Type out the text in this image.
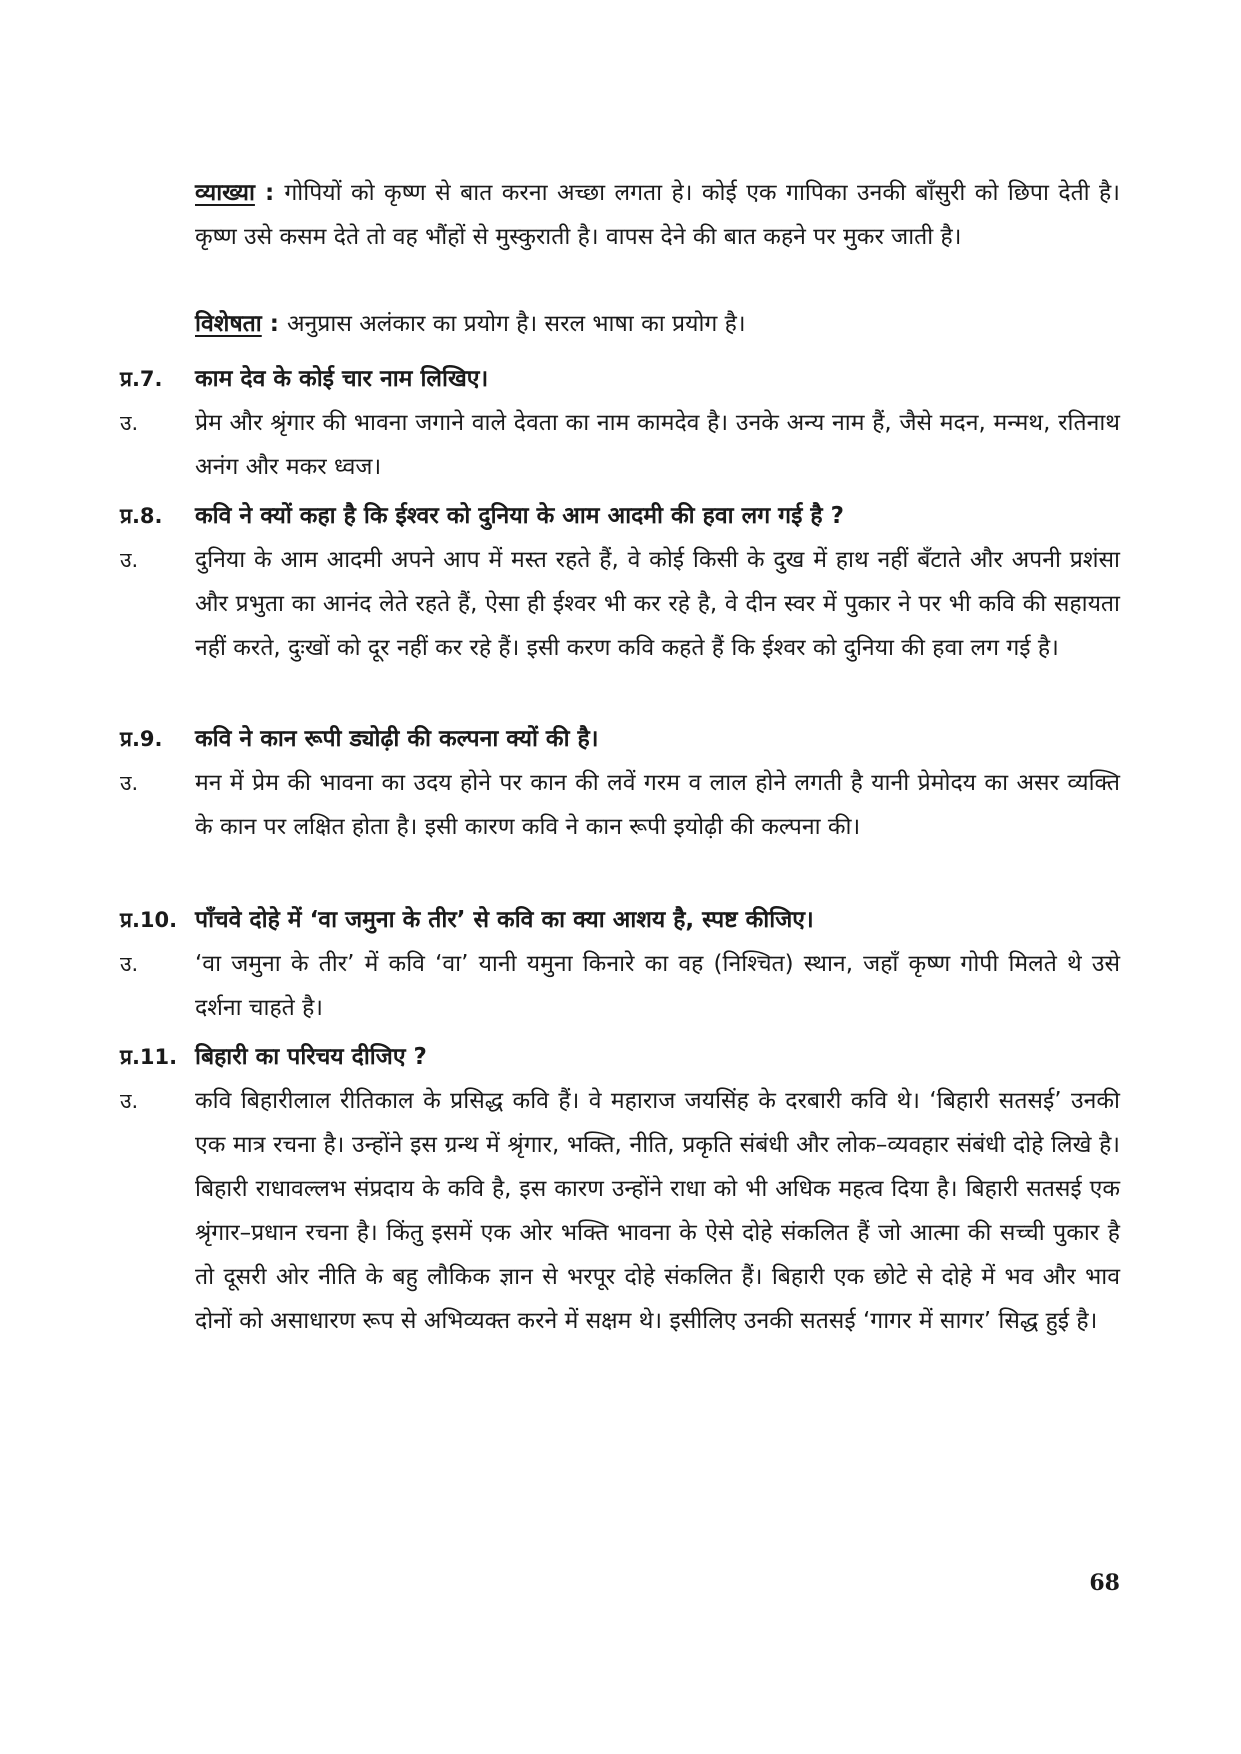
व्याख्या : गोपियों को कृष्ण से बात करना अच्छा लगता हे। कोई एक गापिका उनकी बाँसुरी को छिपा देती है। कृष्ण उसे कसम देते तो वह भौंहों से मुस्कुराती है। वापस देने की बात कहने पर मुकर जाती है।

विशेषता : अनुप्रास अलंकार का प्रयोग है। सरल भाषा का प्रयोग है।

प्र.7.	काम देव के कोई चार नाम लिखिए।
उ.	प्रेम और श्रृंगार की भावना जगाने वाले देवता का नाम कामदेव है। उनके अन्य नाम हैं, जैसे मदन, मन्मथ, रतिनाथ अनंग और मकर ध्वज।
प्र.8.	कवि ने क्यों कहा है कि ईश्वर को दुनिया के आम आदमी की हवा लग गई है ?
उ.	दुनिया के आम आदमी अपने आप में मस्त रहते हैं, वे कोई किसी के दुख में हाथ नहीं बँटाते और अपनी प्रशंसा और प्रभुता का आनंद लेते रहते हैं, ऐसा ही ईश्वर भी कर रहे है, वे दीन स्वर में पुकार ने पर भी कवि की सहायता नहीं करते, दुःखों को दूर नहीं कर रहे हैं। इसी करण कवि कहते हैं कि ईश्वर को दुनिया की हवा लग गई है।
प्र.9.	कवि ने कान रूपी ड्योढ़ी की कल्पना क्यों की है।
उ.	मन में प्रेम की भावना का उदय होने पर कान की लवें गरम व लाल होने लगती है यानी प्रेमोदय का असर व्यक्ति के कान पर लक्षित होता है। इसी कारण कवि ने कान रूपी इयोढ़ी की कल्पना की।
प्र.10. पाँचवे दोहे में ‘वा जमुना के तीर’ से कवि का क्या आशय है, स्पष्ट कीजिए।
उ.	‘वा जमुना के तीर’ में कवि ‘वा’ यानी यमुना किनारे का वह (निश्चित) स्थान, जहाँ कृष्ण गोपी मिलते थे उसे दर्शना चाहते है।
प्र.11. बिहारी का परिचय दीजिए ?
उ.	कवि बिहारीलाल रीतिकाल के प्रसिद्ध कवि हैं। वे महाराज जयसिंह के दरबारी कवि थे। ‘बिहारी सतसई’ उनकी एक मात्र रचना है। उन्होंने इस ग्रन्थ में श्रृंगार, भक्ति, नीति, प्रकृति संबंधी और लोक–व्यवहार संबंधी दोहे लिखे है। बिहारी राधावल्लभ संप्रदाय के कवि है, इस कारण उन्होंने राधा को भी अधिक महत्व दिया है। बिहारी सतसई एक श्रृंगार–प्रधान रचना है। किंतु इसमें एक ओर भक्ति भावना के ऐसे दोहे संकलित हैं जो आत्मा की सच्ची पुकार है तो दूसरी ओर नीति के बहु लौकिक ज्ञान से भरपूर दोहे संकलित हैं। बिहारी एक छोटे से दोहे में भव और भाव दोनों को असाधारण रूप से अभिव्यक्त करने में सक्षम थे। इसीलिए उनकी सतसई ‘गागर में सागर’ सिद्ध हुई है।
68
